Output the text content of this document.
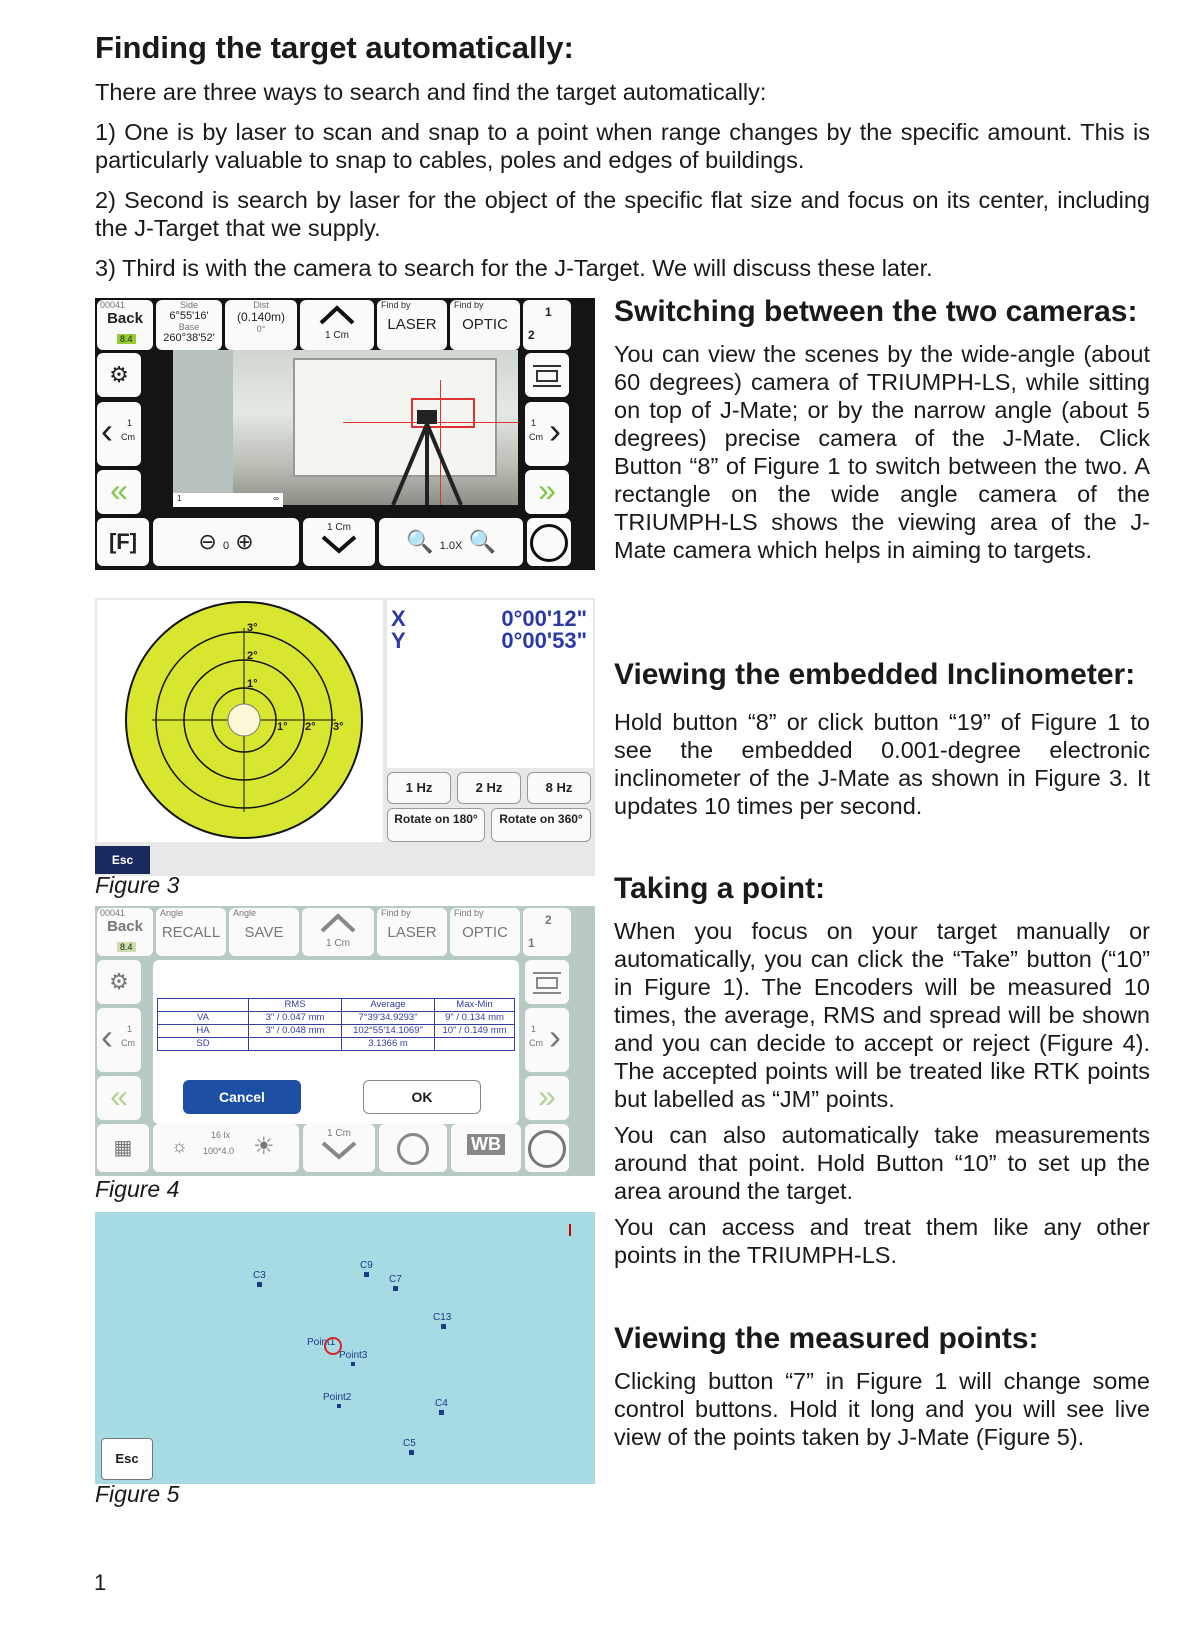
Finding the target automatically:

There are three ways to search and find the target automatically:

1) One is by laser to scan and snap to a point when range changes by the specific amount. This is particularly valuable to snap to cables, poles and edges of buildings.

2) Second is search by laser for the object of the specific flat size and focus on its center, including the J-Target that we supply.

3) Third is with the camera to search for the J-Target. We will discuss these later.

Switching between the two cameras:

You can view the scenes by the wide-angle (about 60 degrees) camera of TRIUMPH-LS, while sitting on top of J-Mate; or by the narrow angle (about 5 degrees) precise camera of the J-Mate. Click Button “8” of Figure 1 to switch between the two. A rectangle on the wide angle camera of the TRIUMPH-LS shows the viewing area of the J-Mate camera which helps in aiming to targets.

Viewing the embedded Inclinometer:

Hold button “8” or click button “19” of Figure 1 to see the embedded 0.001-degree electronic inclinometer of the J-Mate as shown in Figure 3. It updates 10 times per second.

Taking a point:

When you focus on your target manually or automatically, you can click the “Take” button (“10” in Figure 1). The Encoders will be measured 10 times, the average, RMS and spread will be shown and you can decide to accept or reject (Figure 4). The accepted points will be treated like RTK points but labelled as “JM” points.

You can also automatically take measurements around that point. Hold Button “10” to set up the area around the target.

You can access and treat them like any other points in the TRIUMPH-LS.

Viewing the measured points:

Clicking button “7” in Figure 1 will change some control buttons. Hold it long and you will see live view of the points taken by J-Mate (Figure 5).

00041
Back
8.4
Side
6°55'16'
Base
260°38'52'
Dist
(0.140m)
0°
1 Cm
Find by
LASER
Find by
OPTIC
1
2
⚙
‹ 1
Cm
«
›
1
Cm
»
1	∞
[F]	⊖ 0 ⊕
1 Cm
🔍 1.0X 🔍
3°
2°
1°
1° 2° 3°
X
Y
0°00'12"
0°00'53"
1 Hz	2 Hz	8 Hz
Rotate on 180°	Rotate on 360°
Esc
Figure 3
00041
Back
8.4
Angle
RECALL
Angle
SAVE
1 Cm
Find by
LASER
Find by
OPTIC
2
1
⚙
‹ 1
Cm
«
›
1
Cm
»
	RMS	Average	Max-Min
VA	3" / 0.047 mm	7°39'34.9293"	9" / 0.134 mm
HA	3" / 0.048 mm	102°55'14.1069"	10" / 0.149 mm
SD		3.1366 m	
Cancel	OK
▦	☼
16 lx
100*4.0 ☀	1 Cm
WB
Figure 4
C3
C9
C7
C13
Point1
Point3
Point2
C4
C5
Esc
Figure 5
1
